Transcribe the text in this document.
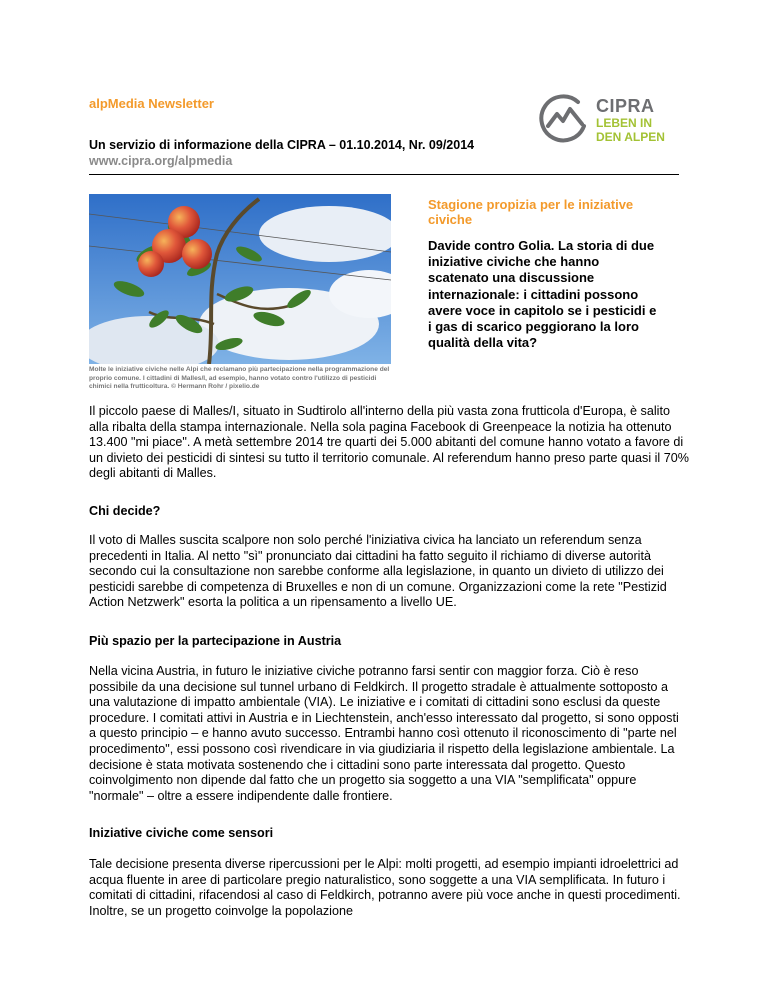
alpMedia Newsletter
Un servizio di informazione della CIPRA – 01.10.2014, Nr. 09/2014
www.cipra.org/alpmedia
CIPRA
LEBEN IN
DEN ALPEN
Molte le iniziative civiche nelle Alpi che reclamano più partecipazione nella programmazione del proprio comune. I cittadini di Malles/I, ad esempio, hanno votato contro l'utilizzo di pesticidi chimici nella frutticoltura. © Hermann Rohr / pixelio.de
Stagione propizia per le iniziative civiche
Davide contro Golia. La storia di due iniziative civiche che hanno scatenato una discussione internazionale: i cittadini possono avere voce in capitolo se i pesticidi e i gas di scarico peggiorano la loro qualità della vita?
Il piccolo paese di Malles/I, situato in Sudtirolo all'interno della più vasta zona frutticola d'Europa, è salito alla ribalta della stampa internazionale. Nella sola pagina Facebook di Greenpeace la notizia ha ottenuto 13.400 "mi piace". A metà settembre 2014 tre quarti dei 5.000 abitanti del comune hanno votato a favore di un divieto dei pesticidi di sintesi su tutto il territorio comunale. Al referendum hanno preso parte quasi il 70% degli abitanti di Malles.
Chi decide?
Il voto di Malles suscita scalpore non solo perché l'iniziativa civica ha lanciato un referendum senza precedenti in Italia. Al netto "sì" pronunciato dai cittadini ha fatto seguito il richiamo di diverse autorità secondo cui la consultazione non sarebbe conforme alla legislazione, in quanto un divieto di utilizzo dei pesticidi sarebbe di competenza di Bruxelles e non di un comune. Organizzazioni come la rete "Pestizid Action Netzwerk" esorta la politica a un ripensamento a livello UE.
Più spazio per la partecipazione in Austria
Nella vicina Austria, in futuro le iniziative civiche potranno farsi sentir con maggior forza. Ciò è reso possibile da una decisione sul tunnel urbano di Feldkirch. Il progetto stradale è attualmente sottoposto a una valutazione di impatto ambientale (VIA). Le iniziative e i comitati di cittadini sono esclusi da queste procedure. I comitati attivi in Austria e in Liechtenstein, anch'esso interessato dal progetto, si sono opposti a questo principio – e hanno avuto successo. Entrambi hanno così ottenuto il riconoscimento di "parte nel procedimento", essi possono così rivendicare in via giudiziaria il rispetto della legislazione ambientale. La decisione è stata motivata sostenendo che i cittadini sono parte interessata dal progetto. Questo coinvolgimento non dipende dal fatto che un progetto sia soggetto a una VIA "semplificata" oppure "normale" – oltre a essere indipendente dalle frontiere.
Iniziative civiche come sensori
Tale decisione presenta diverse ripercussioni per le Alpi: molti progetti, ad esempio impianti idroelettrici ad acqua fluente in aree di particolare pregio naturalistico, sono soggette a una VIA semplificata. In futuro i comitati di cittadini, rifacendosi al caso di Feldkirch, potranno avere più voce anche in questi procedimenti. Inoltre, se un progetto coinvolge la popolazione
